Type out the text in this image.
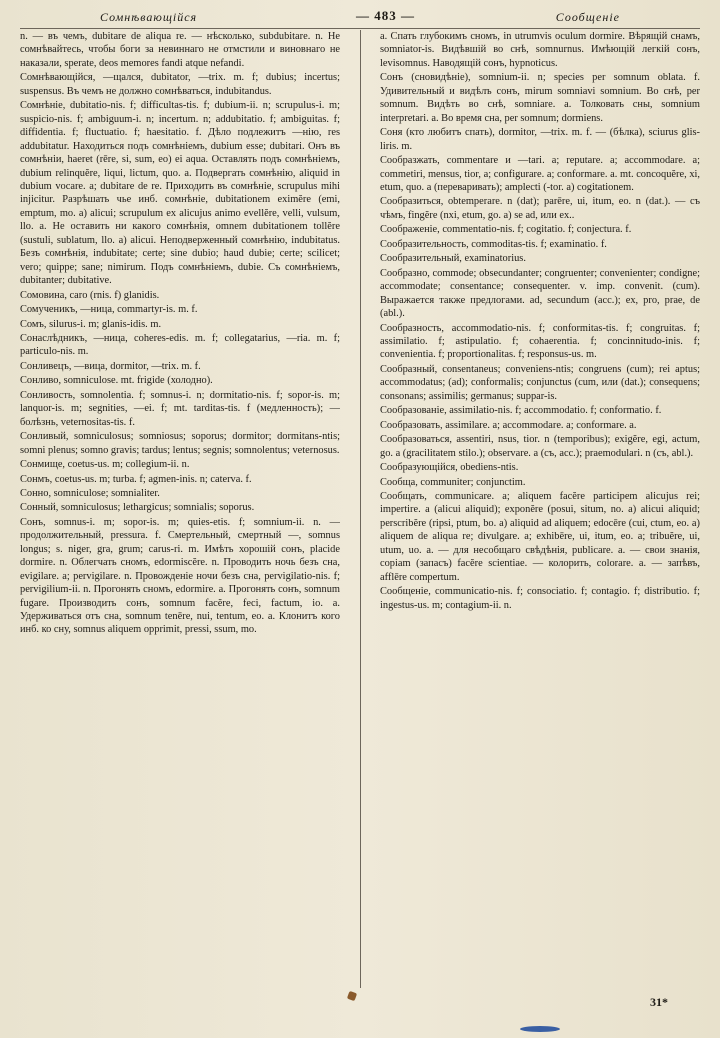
Сомнѣвающійся	— 483 —	Сообщеніе

n. — въ чемъ, dubitare de aliqua re. — нѣсколько, subdubitare. n. Не сомнѣвайтесь, чтобы боги за невиннаго не отмстили и виновнаго не наказали, sperate, deos memores fandi atque nefandi.

Сомнѣвающійся, —щался, dubitator, —trix. m. f; dubius; incertus; suspensus. Въ чемъ не должно сомнѣваться, indubitandus.

Сомнѣніе, dubitatio-nis. f; difficultas-tis. f; dubium-ii. n; scrupulus-i. m; suspicio-nis. f; ambiguum-i. n; incertum. n; addubitatio. f; ambiguitas. f; diffidentia. f; fluctuatio. f; haesitatio. f. Дѣло подлежитъ —нію, res addubitatur. Находиться подъ сомнѣніемъ, dubium esse; dubitari. Онъ въ сомнѣніи, haeret (rēre, si, sum, eo) ei aqua. Оставлять подъ сомнѣніемъ, dubium relinquĕre, liqui, lictum, quo. a. Подвергать сомнѣнію, aliquid in dubium vocare. a; dubitare de re. Приходить въ сомнѣніе, scrupulus mihi injicitur. Разрѣшать чье инб. сомнѣніе, dubitationem eximĕre (emi, emptum, mo. a) alicui; scrupulum ex alicujus animo evellĕre, velli, vulsum, llo. a. Не оставить ни какого сомнѣнія, omnem dubitationem tollĕre (sustuli, sublatum, llo. a) alicui. Неподверженный сомнѣнію, indubitatus. Безъ сомнѣнія, indubitate; certe; sine dubio; haud dubie; certe; scilicet; vero; quippe; sane; nimirum. Подъ сомнѣніемъ, dubie. Съ сомнѣніемъ, dubitanter; dubitative.

Сомовина, caro (rnis. f) glanidis.

Сомученикъ, —ница, commartyr-is. m. f.

Сомъ, silurus-i. m; glanis-idis. m.

Сонаслѣдникъ, —ница, coheres-edis. m. f; collegatarius, —ria. m. f; particulo-nis. m.

Сонливецъ, —вица, dormitor, —trix. m. f.

Сонливо, somniculose. mt. frigide (холодно).

Сонливость, somnolentia. f; somnus-i. n; dormitatio-nis. f; sopor-is. m; lanquor-is. m; segnities, —ei. f; mt. tarditas-tis. f (медленность); — болѣзнь, veternositas-tis. f.

Сонливый, somniculosus; somniosus; soporus; dormitor; dormitans-ntis; somni plenus; somno gravis; tardus; lentus; segnis; somnolentus; veternosus.

Сонмище, coetus-us. m; collegium-ii. n.

Сонмъ, coetus-us. m; turba. f; agmen-inis. n; caterva. f.

Сонно, somniculose; somnialiter.

Сонный, somniculosus; lethargicus; somnialis; soporus.

Сонъ, somnus-i. m; sopor-is. m; quies-etis. f; somnium-ii. n. — продолжительный, pressura. f. Смертельный, смертный —, somnus longus; s. niger, gra, grum; carus-ri. m. Имѣть хорошій сонъ, placide dormire. n. Облегчать сномъ, edormiscĕre. n. Проводить ночь безъ сна, evigilare. a; pervigilare. n. Провожденіе ночи безъ сна, pervigilatio-nis. f; pervigilium-ii. n. Прогонять сномъ, edormire. a. Прогонять сонъ, somnum fugare. Производить сонъ, somnum facĕre, feci, factum, io. a. Удерживаться отъ сна, somnum tenēre, nui, tentum, eo. a. Клонитъ кого инб. ко сну, somnus aliquem opprimit, pressi, ssum, mo.

a. Спать глубокимъ сномъ, in utrumvis oculum dormire. Вѣрящій снамъ, somniator-is. Видѣвшій во снѣ, somnurnus. Имѣющій легкій сонъ, levisomnus. Наводящій сонъ, hypnoticus.

Сонъ (сновидѣніе), somnium-ii. n; species per somnum oblata. f. Удивительный и видѣлъ сонъ, mirum somniavi somnium. Во снѣ, per somnum. Видѣть во снѣ, somniare. a. Толковать сны, somnium interpretari. a. Во время сна, per somnum; dormiens.

Соня (кто любитъ спать), dormitor, —trix. m. f. — (бѣлка), sciurus glis-liris. m.

Сообразжать, commentare и —tari. a; reputare. a; accommodare. a; commetiri, mensus, tior, a; configurare. a; conformare. a. mt. concoquĕre, xi, etum, quo. a (переваривать); amplecti (-tor. a) cogitationem.

Сообразиться, obtemperare. n (dat); parēre, ui, itum, eo. n (dat.). — съ чѣмъ, fingĕre (nxi, etum, go. a) se ad, или ex..

Соображеніе, commentatio-nis. f; cogitatio. f; conjectura. f.

Сообразительность, commoditas-tis. f; examinatio. f.

Сообразительный, examinatorius.

Сообразно, commode; obsecundanter; congruenter; convenienter; condigne; accommodate; consentance; consequenter. v. imp. convenit. (cum). Выражается также предлогами. ad, secundum (acc.); ex, pro, prae, de (abl.).

Сообразность, accommodatio-nis. f; conformitas-tis. f; congruitas. f; assimilatio. f; astipulatio. f; cohaerentia. f; concinnitudo-inis. f; convenientia. f; proportionalitas. f; responsus-us. m.

Сообразный, consentaneus; conveniens-ntis; congruens (cum); rei aptus; accommodatus; (ad); conformalis; conjunctus (cum, или (dat.); consequens; consonans; assimilis; germanus; suppar-is.

Сообразованіе, assimilatio-nis. f; accommodatio. f; conformatio. f.

Сообразовать, assimilare. a; accommodare. a; conformare. a.

Сообразоваться, assentiri, nsus, tior. n (temporibus); exigĕre, egi, actum, go. a (gracilitatem stilo.); observare. a (съ, acc.); praemodulari. n (съ, abl.).

Сообразующійся, obediens-ntis.

Сообща, communiter; conjunctim.

Сообщать, communicare. a; aliquem facĕre participem alicujus rei; impertire. a (alicui aliquid); exponĕre (posui, situm, no. a) alicui aliquid; perscribĕre (ripsi, ptum, bo. a) aliquid ad aliquem; edocēre (cui, ctum, eo. a) aliquem de aliqua re; divulgare. a; exhibēre, ui, itum, eo. a; tribuĕre, ui, utum, uo. a. — для несобщаго свѣдѣнія, publicare. a. — свои знанія, copiam (запасъ) facĕre scientiae. — колорить, colorare. a. — запѣвъ, afflēre compertum.

Сообщеніе, communicatio-nis. f; consociatio. f; contagio. f; distributio. f; ingestus-us. m; contagium-ii. n.

31*
